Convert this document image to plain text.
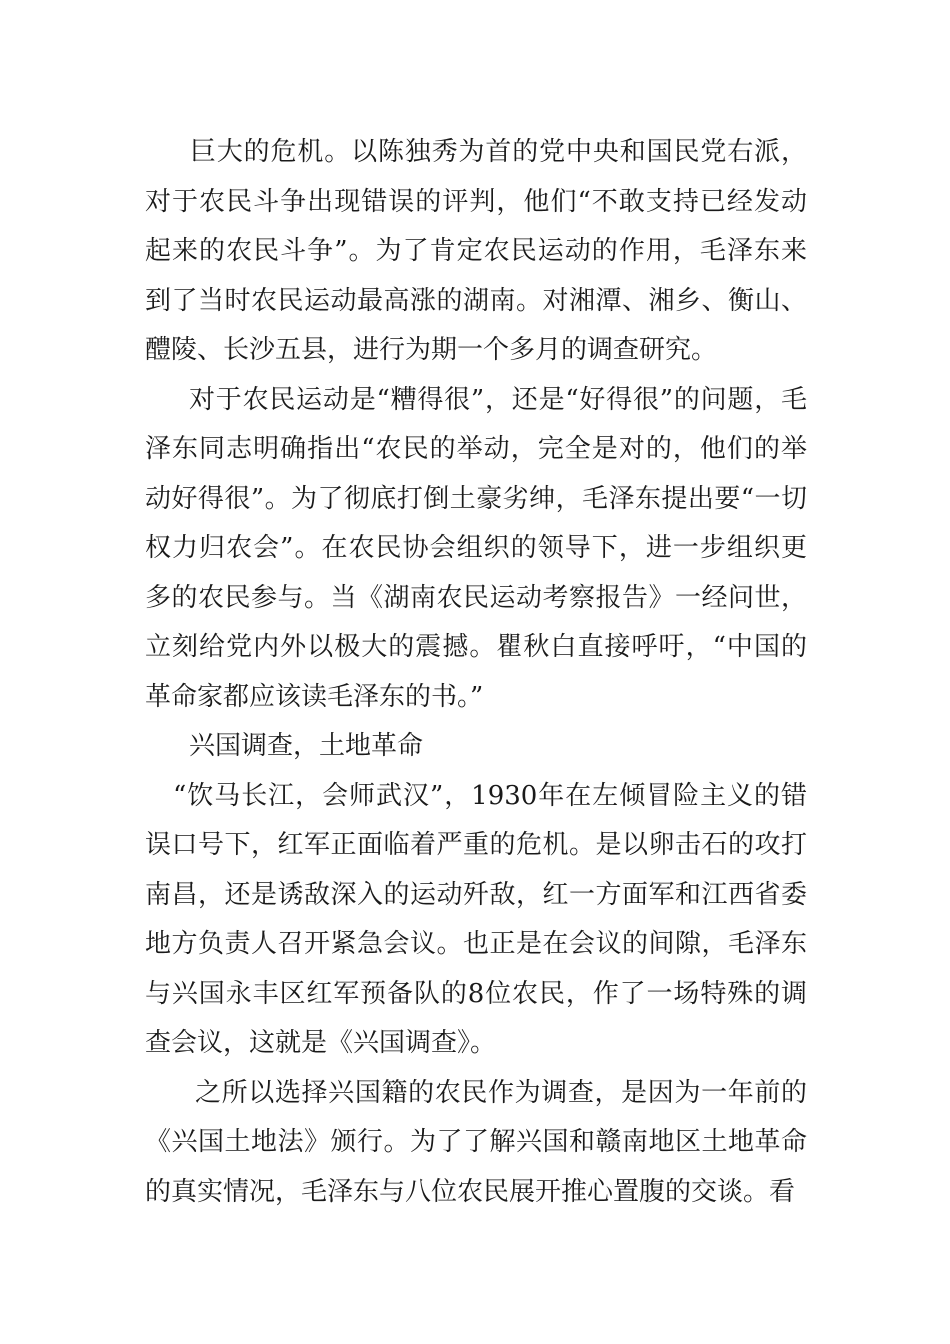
巨大的危机。以陈独秀为首的党中央和国民党右派，对于农民斗争出现错误的评判，他们“不敢支持已经发动起来的农民斗争”。为了肯定农民运动的作用，毛泽东来到了当时农民运动最高涨的湖南。对湘潭、湘乡、衡山、醴陵、长沙五县，进行为期一个多月的调查研究。

对于农民运动是“糟得很”，还是“好得很”的问题，毛泽东同志明确指出“农民的举动，完全是对的，他们的举动好得很”。为了彻底打倒土豪劣绅，毛泽东提出要“一切权力归农会”。在农民协会组织的领导下，进一步组织更多的农民参与。当《湖南农民运动考察报告》一经问世，立刻给党内外以极大的震撼。瞿秋白直接呼吁，“中国的革命家都应该读毛泽东的书。”

兴国调查，土地革命

“饮马长江，会师武汉”，1930年在左倾冒险主义的错误口号下，红军正面临着严重的危机。是以卵击石的攻打南昌，还是诱敌深入的运动歼敌，红一方面军和江西省委地方负责人召开紧急会议。也正是在会议的间隙，毛泽东与兴国永丰区红军预备队的8位农民，作了一场特殊的调查会议，这就是《兴国调查》。

之所以选择兴国籍的农民作为调查，是因为一年前的《兴国土地法》颁行。为了了解兴国和赣南地区土地革命的真实情况，毛泽东与八位农民展开推心置腹的交谈。看
